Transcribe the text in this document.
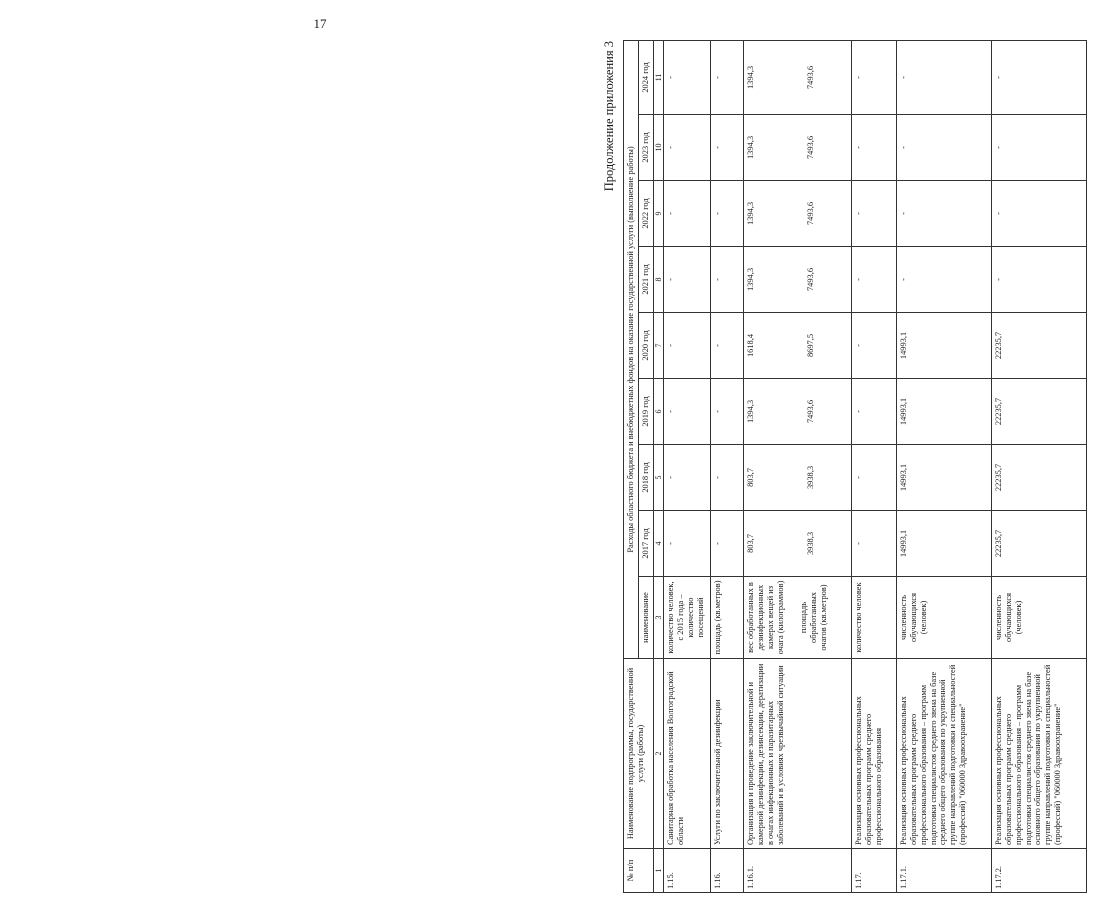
17
Продолжение приложения 3
№ п/п	Наименование подпрограммы, государственной услуги (работы)	Расходы областного бюджета и внебюджетных фондов на оказание государственной услуги (выполнение работы)								
		наименование	2017 год	2018 год	2019 год	2020 год	2021 год	2022 год	2023 год	2024 год
1	2	3	4	5	6	7	8	9	10	11
1.15.	Санитарная обработка населения Волгоградской области	количество человек, с 2015 года – количество посещений	-	-	-	-	-	-	-	-
1.16.	Услуги по заключительной дезинфекции	площадь (кв.метров)	-	-	-	-	-	-	-	-
1.16.1.	Организация и проведение заключительной и камерной дезинфекции, дезинсекции, дератизации в очагах инфекционных и паразитарных заболеваний и в условиях чрезвычайной ситуации	вес обработанных в дезинфекционных камерах вещей из очага (килограммов) площадь обработанных очагов (кв.метров)	803,7 3938,3	803,7 3938,3	1394,3 7493,6	1618,4 8697,5	1394,3 7493,6	1394,3 7493,6	1394,3 7493,6	1394,3 7493,6

1.17.	Реализация основных профессиональных образовательных программ среднего профессионального образования	количество человек	-	-	-	-	-	-	-	-
1.17.1.	Реализация основных профессиональных образовательных программ среднего профессионального образования – программ подготовки специалистов среднего звена на базе среднего общего образования по укрупненной группе направлений подготовки и специальностей (профессий) "060000 Здравоохранение"	численность обучающихся (человек)	14993,1	14993,1	14993,1	14993,1	-	-	-	-
1.17.2.	Реализация основных профессиональных образовательных программ среднего профессионального образования – программ подготовки специалистов среднего звена на базе основного общего образования по укрупненной группе направлений подготовки и специальностей (профессий) "060000 Здравоохранение"	численность обучающихся (человек)	22235,7	22235,7	22235,7	22235,7	-	-	-	-
